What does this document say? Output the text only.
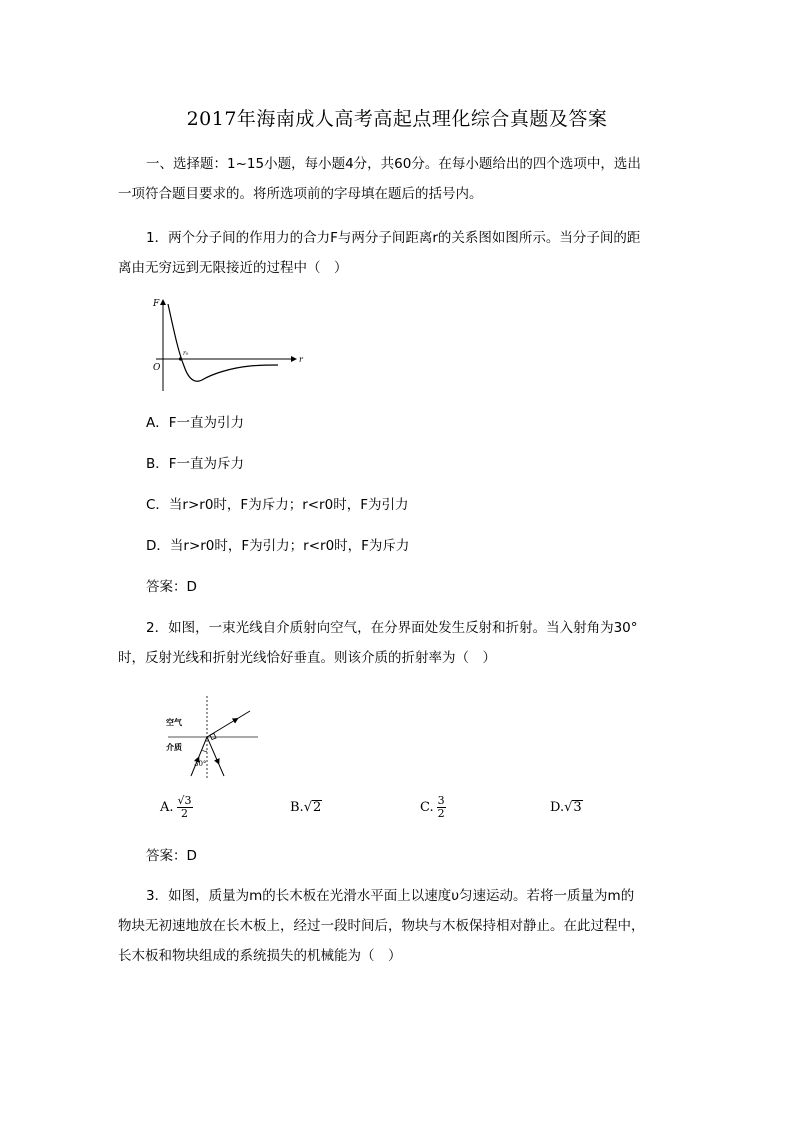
2017年海南成人高考高起点理化综合真题及答案
一、选择题：1~15小题，每小题4分，共60分。在每小题给出的四个选项中，选出
一项符合题目要求的。将所选项前的字母填在题后的括号内。
1．两个分子间的作用力的合力F与两分子间距离r的关系图如图所示。当分子间的距
离由无穷远到无限接近的过程中（　）
F
r
O
r₀
A．F一直为引力
B．F一直为斥力
C．当r>r0时，F为斥力；r<r0时，F为引力
D．当r>r0时，F为引力；r<r0时，F为斥力
答案：D
2．如图，一束光线自介质射向空气，在分界面处发生反射和折射。当入射角为30°
时，反射光线和折射光线恰好垂直。则该介质的折射率为（　）
空气
介质
30°
A. $\frac{√3}{2}$	B. √ 2	C. $\frac{3}{2}$	D. √ 3
答案：D
3．如图，质量为m的长木板在光滑水平面上以速度υ匀速运动。若将一质量为m的
物块无初速地放在长木板上，经过一段时间后，物块与木板保持相对静止。在此过程中，
长木板和物块组成的系统损失的机械能为（　）
